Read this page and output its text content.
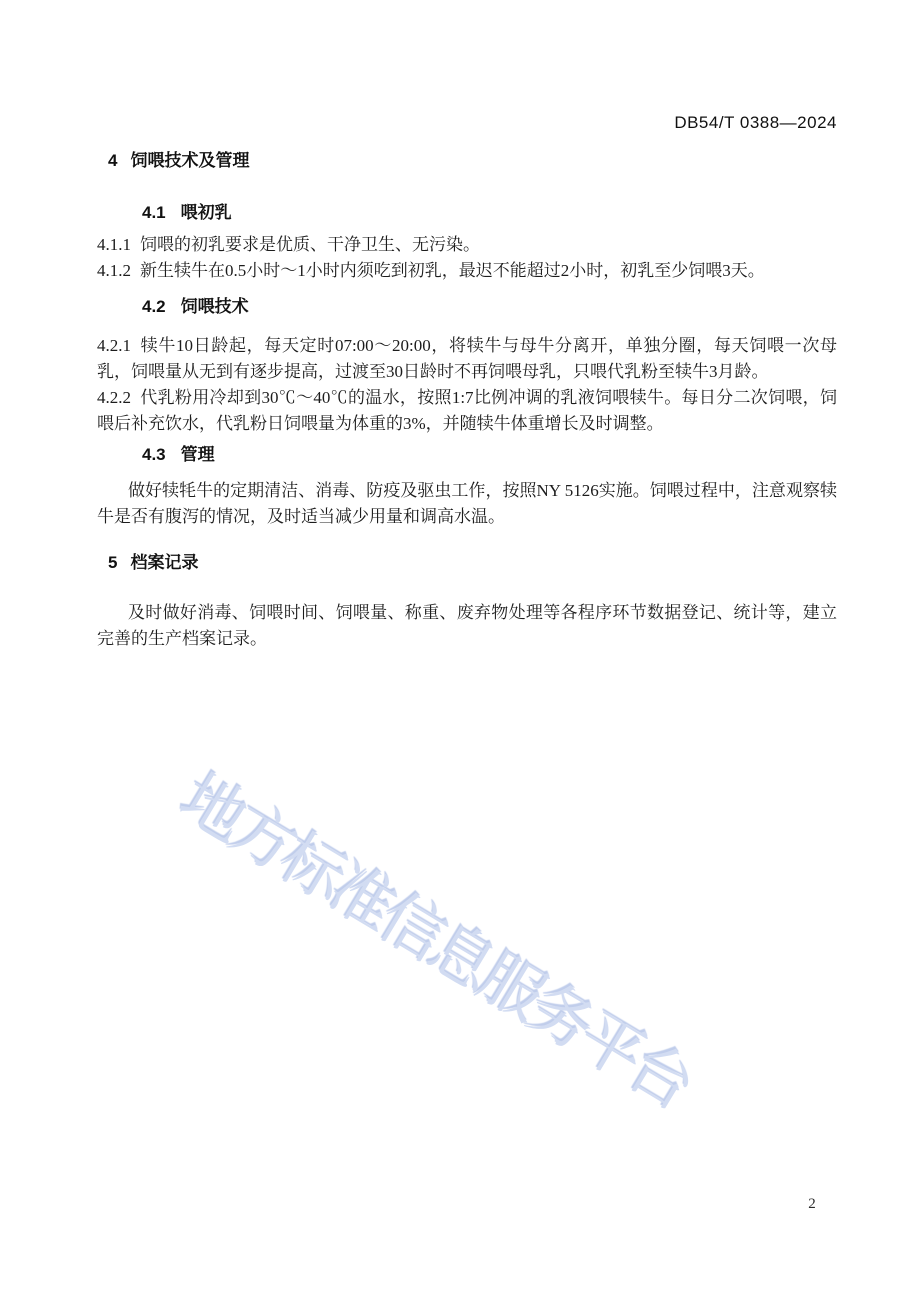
DB54/T 0388—2024
4 饲喂技术及管理
4.1 喂初乳

4.1.1 饲喂的初乳要求是优质、干净卫生、无污染。

4.1.2 新生犊牛在0.5小时～1小时内须吃到初乳，最迟不能超过2小时，初乳至少饲喂3天。

4.2 饲喂技术

4.2.1 犊牛10日龄起，每天定时07:00～20:00，将犊牛与母牛分离开，单独分圈，每天饲喂一次母乳，饲喂量从无到有逐步提高，过渡至30日龄时不再饲喂母乳，只喂代乳粉至犊牛3月龄。

4.2.2 代乳粉用冷却到30℃～40℃的温水，按照1:7比例冲调的乳液饲喂犊牛。每日分二次饲喂，饲喂后补充饮水，代乳粉日饲喂量为体重的3%，并随犊牛体重增长及时调整。

4.3 管理

做好犊牦牛的定期清洁、消毒、防疫及驱虫工作，按照NY 5126实施。饲喂过程中，注意观察犊牛是否有腹泻的情况，及时适当减少用量和调高水温。

5 档案记录

及时做好消毒、饲喂时间、饲喂量、称重、废弃物处理等各程序环节数据登记、统计等，建立完善的生产档案记录。

地方标准信息服务平台
2
